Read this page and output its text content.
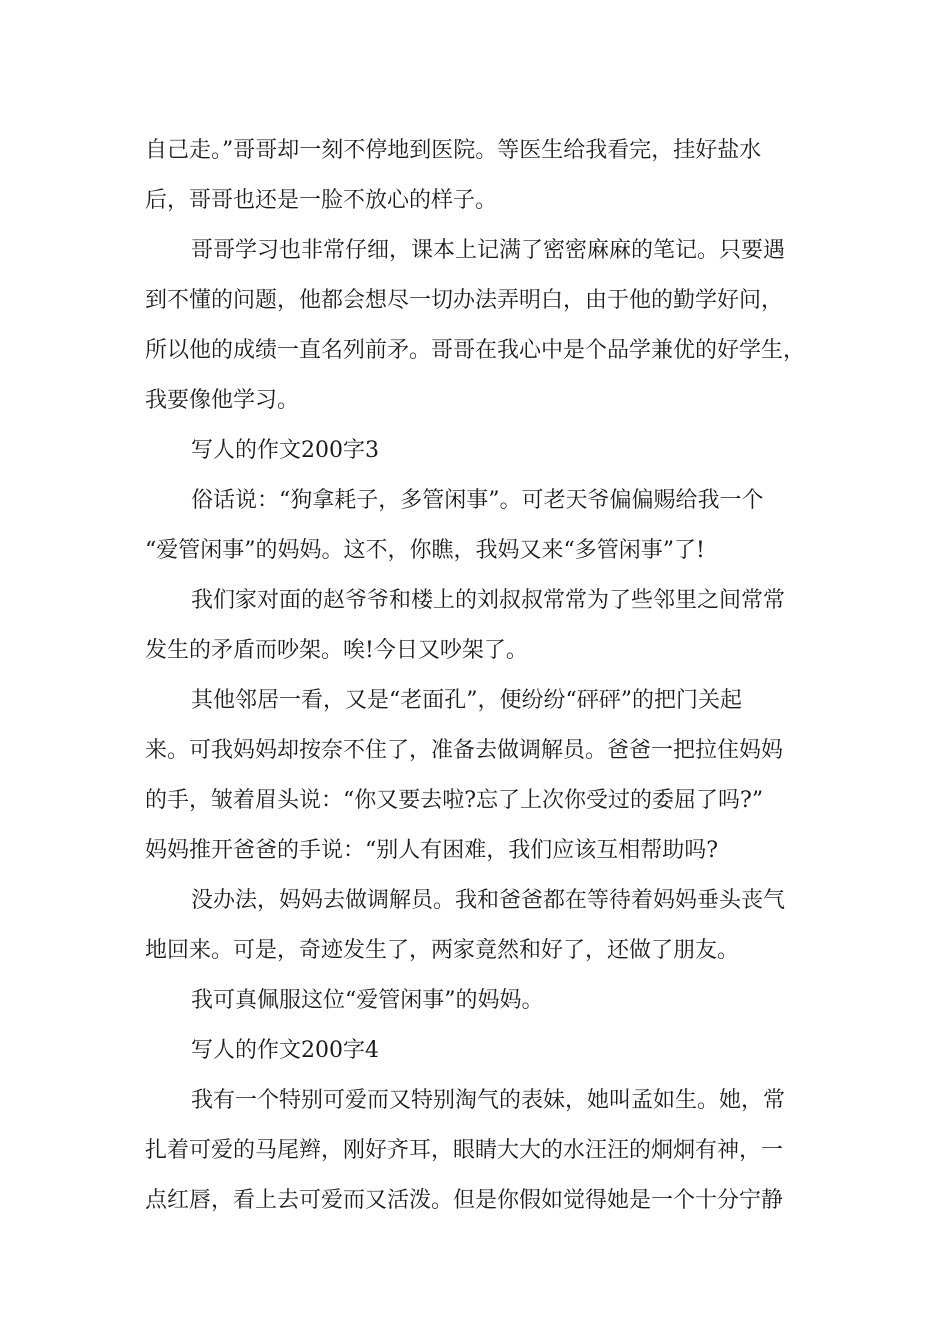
自己走。”哥哥却一刻不停地到医院。等医生给我看完，挂好盐水
后，哥哥也还是一脸不放心的样子。

哥哥学习也非常仔细，课本上记满了密密麻麻的笔记。只要遇
到不懂的问题，他都会想尽一切办法弄明白，由于他的勤学好问，
所以他的成绩一直名列前矛。哥哥在我心中是个品学兼优的好学生，
我要像他学习。

写人的作文200字3

俗话说：“狗拿耗子，多管闲事”。可老天爷偏偏赐给我一个
“爱管闲事”的妈妈。这不，你瞧，我妈又来“多管闲事”了!

我们家对面的赵爷爷和楼上的刘叔叔常常为了些邻里之间常常
发生的矛盾而吵架。唉!今日又吵架了。

其他邻居一看，又是“老面孔”，便纷纷“砰砰”的把门关起
来。可我妈妈却按奈不住了，准备去做调解员。爸爸一把拉住妈妈
的手，皱着眉头说：“你又要去啦?忘了上次你受过的委屈了吗?”
妈妈推开爸爸的手说：“别人有困难，我们应该互相帮助吗?

没办法，妈妈去做调解员。我和爸爸都在等待着妈妈垂头丧气
地回来。可是，奇迹发生了，两家竟然和好了，还做了朋友。

我可真佩服这位“爱管闲事”的妈妈。

写人的作文200字4

我有一个特别可爱而又特别淘气的表妹，她叫孟如生。她，常
扎着可爱的马尾辫，刚好齐耳，眼睛大大的水汪汪的炯炯有神，一
点红唇，看上去可爱而又活泼。但是你假如觉得她是一个十分宁静
